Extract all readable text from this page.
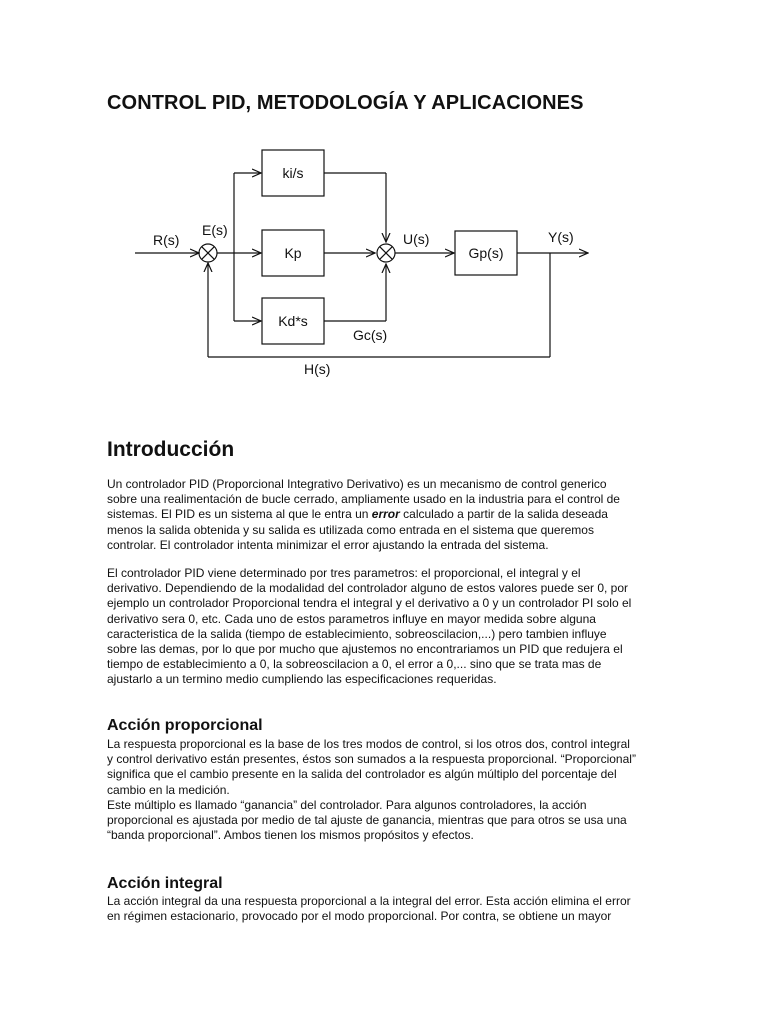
CONTROL PID, METODOLOGÍA Y APLICACIONES
R(s)
E(s)
ki/s
Kp
Kd*s
Gc(s)
U(s)
Gp(s)
Y(s)
H(s)
Introducción

Un controlador PID (Proporcional Integrativo Derivativo) es un mecanismo de control generico
sobre una realimentación de bucle cerrado, ampliamente usado en la industria para el control de
sistemas. El PID es un sistema al que le entra un error calculado a partir de la salida deseada
menos la salida obtenida y su salida es utilizada como entrada en el sistema que queremos
controlar. El controlador intenta minimizar el error ajustando la entrada del sistema.

El controlador PID viene determinado por tres parametros: el proporcional, el integral y el
derivativo. Dependiendo de la modalidad del controlador alguno de estos valores puede ser 0, por
ejemplo un controlador Proporcional tendra el integral y el derivativo a 0 y un controlador PI solo el
derivativo sera 0, etc. Cada uno de estos parametros influye en mayor medida sobre alguna
caracteristica de la salida (tiempo de establecimiento, sobreoscilacion,...) pero tambien influye
sobre las demas, por lo que por mucho que ajustemos no encontrariamos un PID que redujera el
tiempo de establecimiento a 0, la sobreoscilacion a 0, el error a 0,... sino que se trata mas de
ajustarlo a un termino medio cumpliendo las especificaciones requeridas.

Acción proporcional

La respuesta proporcional es la base de los tres modos de control, si los otros dos, control integral
y control derivativo están presentes, éstos son sumados a la respuesta proporcional. “Proporcional”
significa que el cambio presente en la salida del controlador es algún múltiplo del porcentaje del
cambio en la medición.
Este múltiplo es llamado “ganancia” del controlador. Para algunos controladores, la acción
proporcional es ajustada por medio de tal ajuste de ganancia, mientras que para otros se usa una
“banda proporcional”. Ambos tienen los mismos propósitos y efectos.

Acción integral

La acción integral da una respuesta proporcional a la integral del error. Esta acción elimina el error
en régimen estacionario, provocado por el modo proporcional. Por contra, se obtiene un mayor
